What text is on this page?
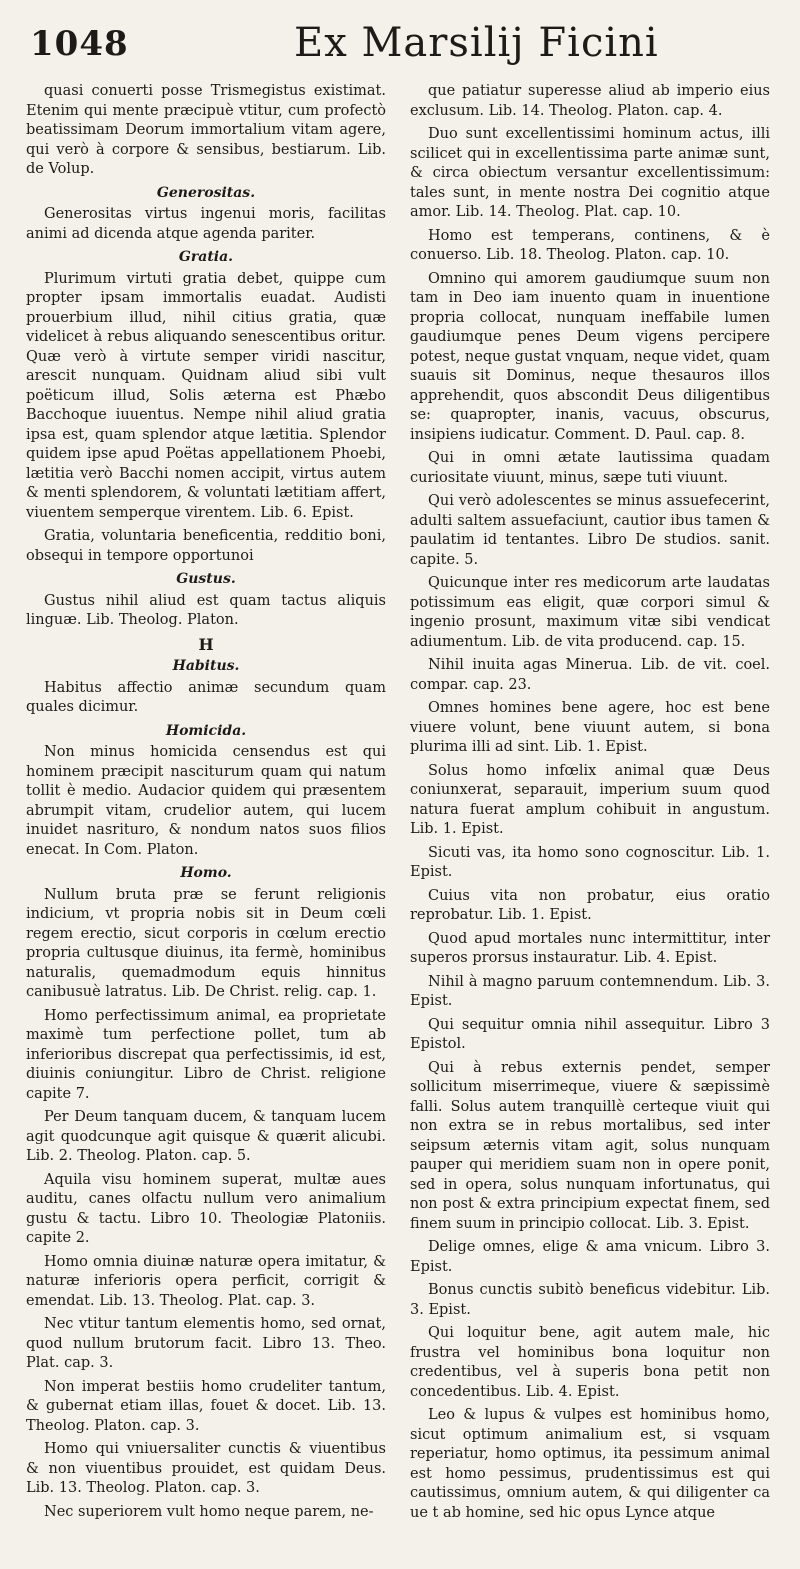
1048	Ex Marsilij Ficini

quasi conuerti posse Trismegistus existimat. Etenim qui mente præcipuè vtitur, cum profectò beatissimam Deorum immortalium vitam agere, qui verò à corpore & sensibus, bestiarum. Lib. de Volup.

Generositas.

Generositas virtus ingenui moris, facilitas animi ad dicenda atque agenda pariter.

Gratia.

Plurimum virtuti gratia debet, quippe cum propter ipsam immortalis euadat. Audisti prouerbium illud, nihil citius gratia, quæ videlicet à rebus aliquando senescentibus oritur. Quæ verò à virtute semper viridi nascitur, arescit nunquam. Quidnam aliud sibi vult poëticum illud, Solis æterna est Phæbo Bacchoque iuuentus. Nempe nihil aliud gratia ipsa est, quam splendor atque lætitia. Splendor quidem ipse apud Poëtas appellationem Phoebi, lætitia verò Bacchi nomen accipit, virtus autem & menti splendorem, & voluntati lætitiam affert, viuentem semperque virentem. Lib. 6. Epist.

Gratia, voluntaria beneficentia, redditio boni, obsequi in tempore opportunoi

Gustus.

Gustus nihil aliud est quam tactus aliquis linguæ. Lib. Theolog. Platon.

H
Habitus.

Habitus affectio animæ secundum quam quales dicimur.

Homicida.

Non minus homicida censendus est qui hominem præcipit nasciturum quam qui natum tollit è medio. Audacior quidem qui præsentem abrumpit vitam, crudelior autem, qui lucem inuidet nasrituro, & nondum natos suos filios enecat. In Com. Platon.

Homo.

Nullum bruta præ se ferunt religionis indicium, vt propria nobis sit in Deum cœli regem erectio, sicut corporis in cœlum erectio propria cultusque diuinus, ita fermè, hominibus naturalis, quemadmodum equis hinnitus canibusuè latratus. Lib. De Christ. relig. cap. 1.

Homo perfectissimum animal, ea proprietate maximè tum perfectione pollet, tum ab inferioribus discrepat qua perfectissimis, id est, diuinis coniungitur. Libro de Christ. religione capite 7.

Per Deum tanquam ducem, & tanquam lucem agit quodcunque agit quisque & quærit alicubi. Lib. 2. Theolog. Platon. cap. 5.

Aquila visu hominem superat, multæ aues auditu, canes olfactu nullum vero animalium gustu & tactu. Libro 10. Theologiæ Platoniis. capite 2.

Homo omnia diuinæ naturæ opera imitatur, & naturæ inferioris opera perficit, corrigit & emendat. Lib. 13. Theolog. Plat. cap. 3.

Nec vtitur tantum elementis homo, sed ornat, quod nullum brutorum facit. Libro 13. Theo. Plat. cap. 3.

Non imperat bestiis homo crudeliter tantum, & gubernat etiam illas, fouet & docet. Lib. 13. Theolog. Platon. cap. 3.

Homo qui vniuersaliter cunctis & viuentibus & non viuentibus prouidet, est quidam Deus. Lib. 13. Theolog. Platon. cap. 3.

Nec superiorem vult homo neque parem, ne-

que patiatur superesse aliud ab imperio eius exclusum. Lib. 14. Theolog. Platon. cap. 4.

Duo sunt excellentissimi hominum actus, illi scilicet qui in excellentissima parte animæ sunt, & circa obiectum versantur excellentissimum: tales sunt, in mente nostra Dei cognitio atque amor. Lib. 14. Theolog. Plat. cap. 10.

Homo est temperans, continens, & è conuerso. Lib. 18. Theolog. Platon. cap. 10.

Omnino qui amorem gaudiumque suum non tam in Deo iam inuento quam in inuentione propria collocat, nunquam ineffabile lumen gaudiumque penes Deum vigens percipere potest, neque gustat vnquam, neque videt, quam suauis sit Dominus, neque thesauros illos apprehendit, quos abscondit Deus diligentibus se: quapropter, inanis, vacuus, obscurus, insipiens iudicatur. Comment. D. Paul. cap. 8.

Qui in omni ætate lautissima quadam curiositate viuunt, minus, sæpe tuti viuunt.

Qui verò adolescentes se minus assuefecerint, adulti saltem assuefaciunt, cautior ibus tamen & paulatim id tentantes. Libro De studios. sanit. capite. 5.

Quicunque inter res medicorum arte laudatas potissimum eas eligit, quæ corpori simul & ingenio prosunt, maximum vitæ sibi vendicat adiumentum. Lib. de vita producend. cap. 15.

Nihil inuita agas Mineruа. Lib. de vit. coel. compar. cap. 23.

Omnes homines bene agere, hoc est bene viuere volunt, bene viuunt autem, si bona plurima illi ad sint. Lib. 1. Epist.

Solus homo infœlix animal quæ Deus coniunxerat, separauit, imperium suum quod natura fuerat amplum cohibuit in angustum. Lib. 1. Epist.

Sicuti vas, ita homo sono cognoscitur. Lib. 1. Epist.

Cuius vita non probatur, eius oratio reprobatur. Lib. 1. Epist.

Quod apud mortales nunc intermittitur, inter superos prorsus instauratur. Lib. 4. Epist.

Nihil à magno paruum contemnendum. Lib. 3. Epist.

Qui sequitur omnia nihil assequitur. Libro 3 Epistol.

Qui à rebus externis pendet, semper sollicitum miserrimeque, viuere & sæpissimè falli. Solus autem tranquillè certeque viuit qui non extra se in rebus mortalibus, sed inter seipsum æternis vitam agit, solus nunquam pauper qui meridiem suam non in opere ponit, sed in opera, solus nunquam infortunatus, qui non post & extra principium expectat finem, sed finem suum in principio collocat. Lib. 3. Epist.

Delige omnes, elige & ama vnicum. Libro 3. Epist.

Bonus cunctis subitò beneficus videbitur. Lib. 3. Epist.

Qui loquitur bene, agit autem male, hic frustra vel hominibus bona loquitur non credentibus, vel à superis bona petit non concedentibus. Lib. 4. Epist.

Leo & lupus & vulpes est hominibus homo, sicut optimum animalium est, si vsquam reperiatur, homo optimus, ita pessimum animal est homo pessimus, prudentissimus est qui cautissimus, omnium autem, & qui diligenter ca ue t ab homine, sed hic opus Lynce atque
